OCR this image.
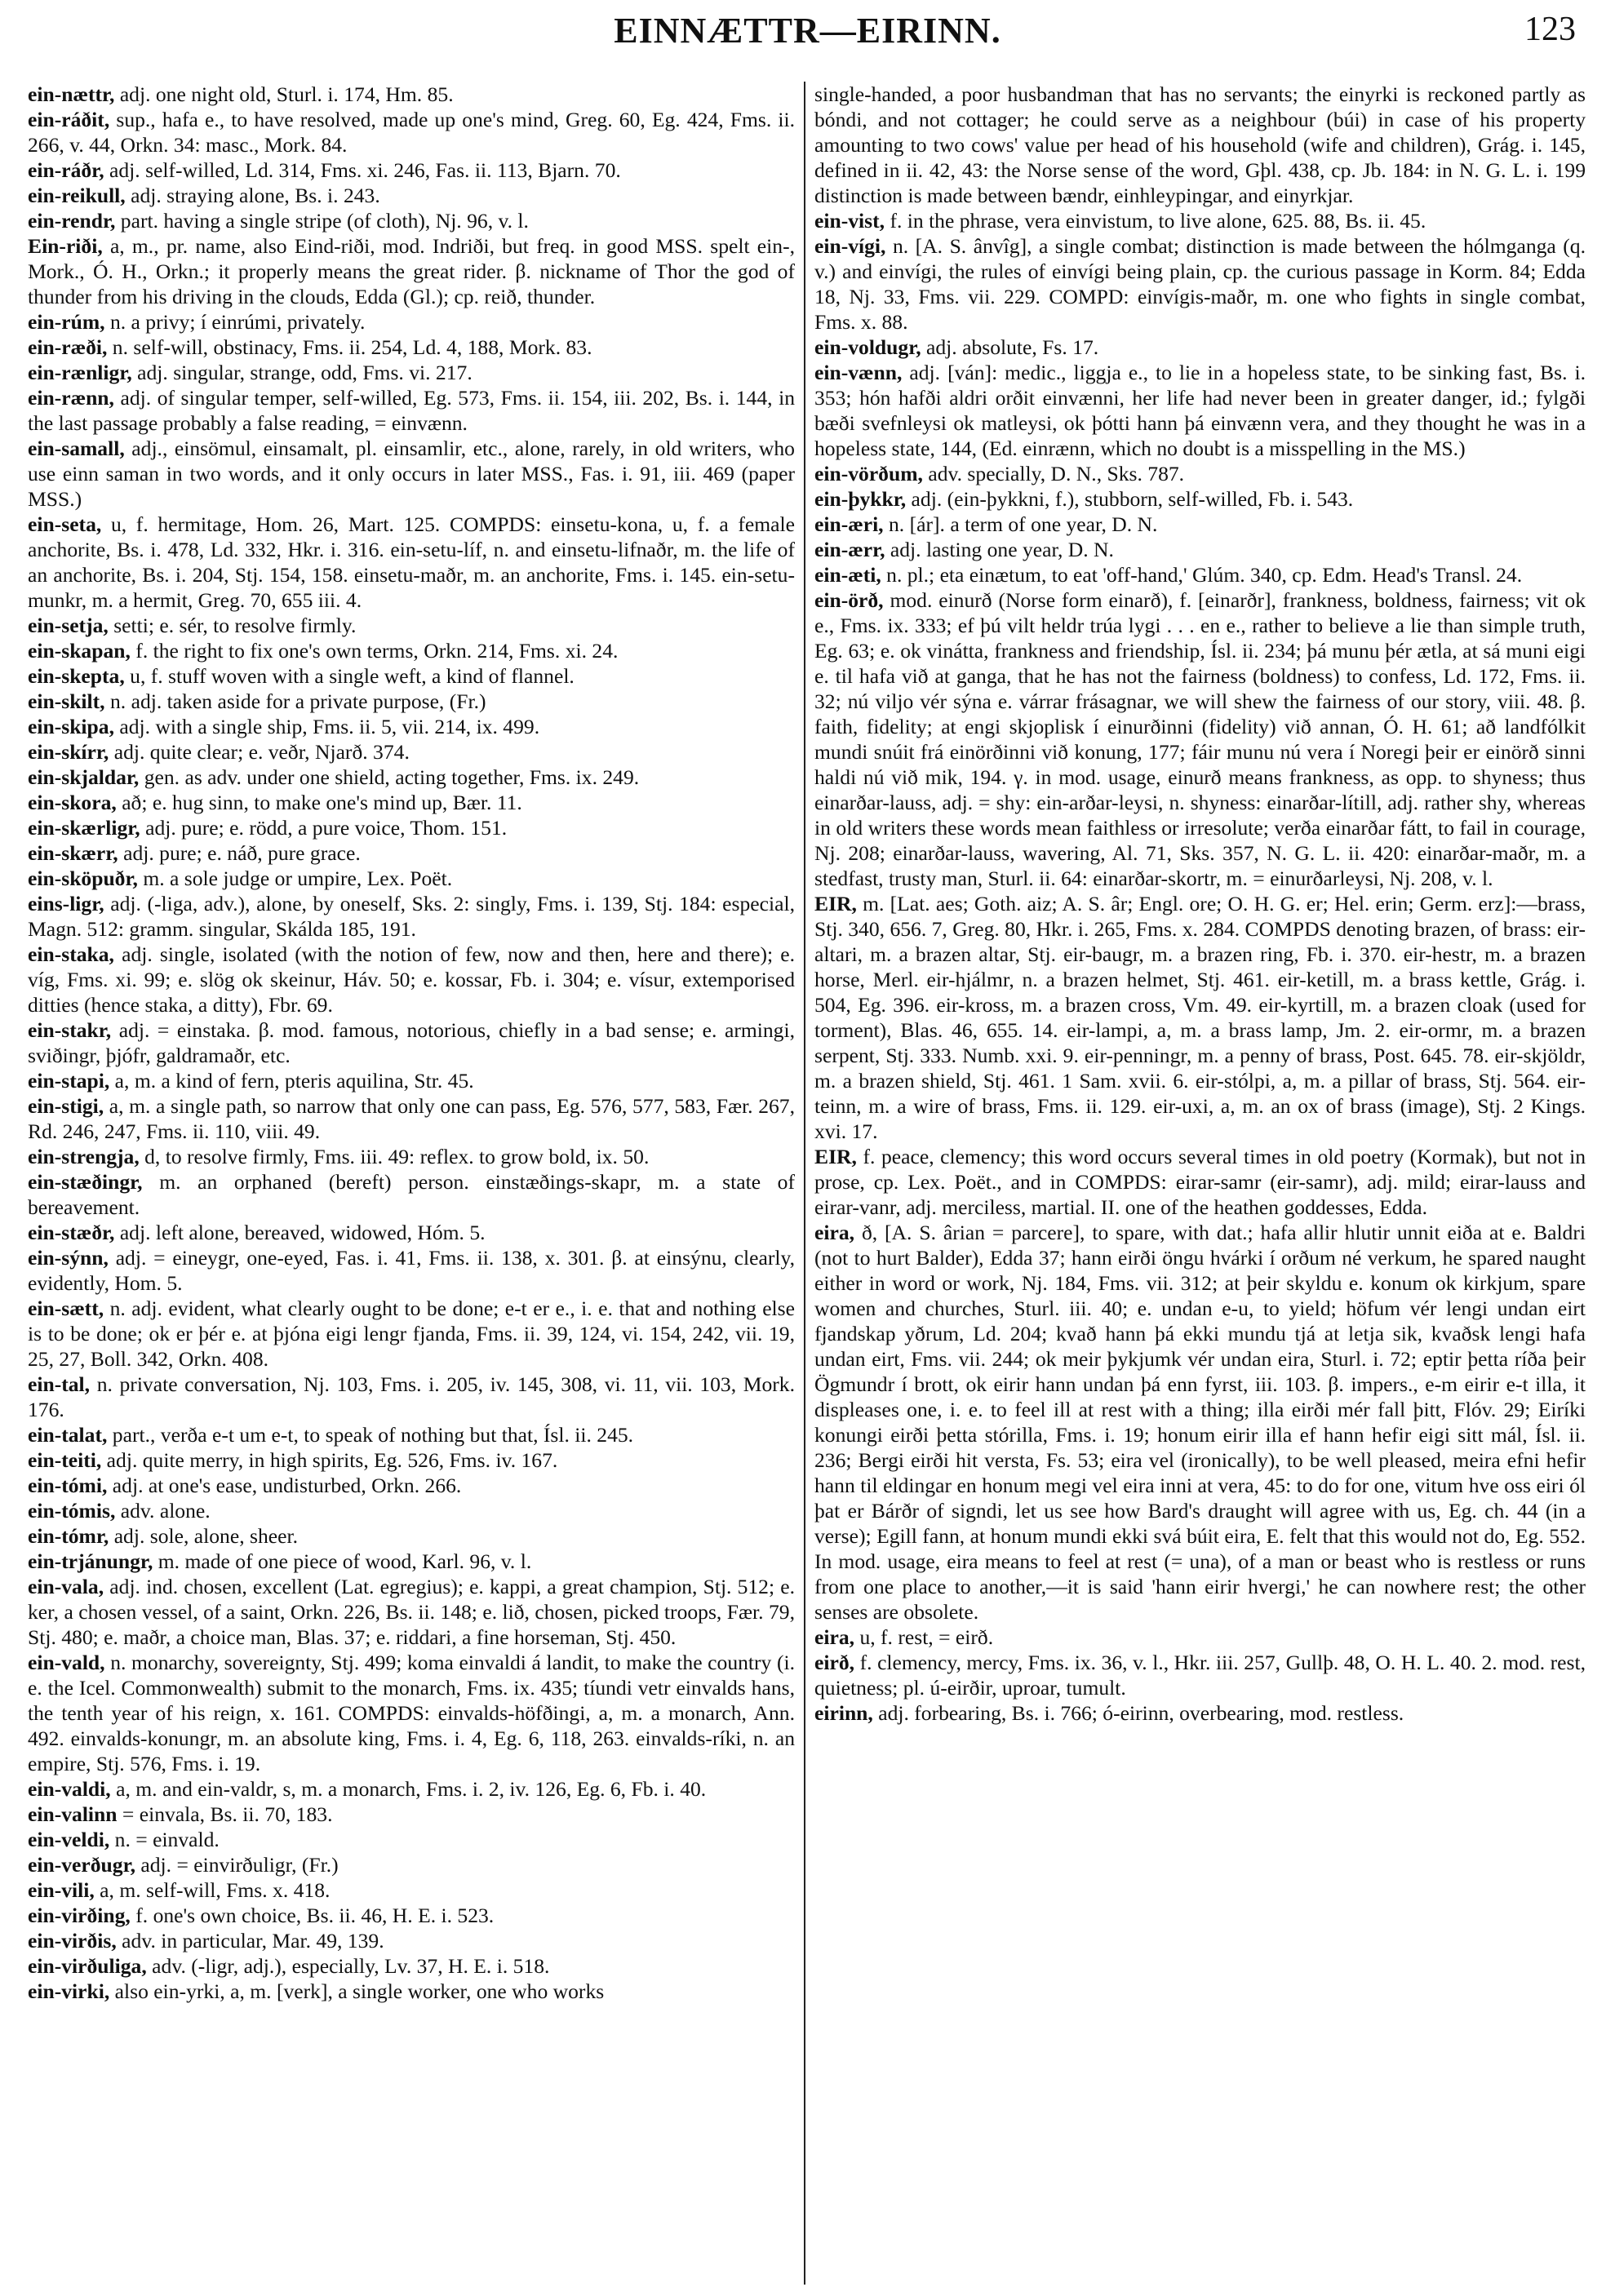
EINNÆTTR—EIRINN.	123

ein-nættr, adj. one night old, Sturl. i. 174, Hm. 85.

ein-ráðit, sup., hafa e., to have resolved, made up one's mind, Greg. 60, Eg. 424, Fms. ii. 266, v. 44, Orkn. 34: masc., Mork. 84.

ein-ráðr, adj. self-willed, Ld. 314, Fms. xi. 246, Fas. ii. 113, Bjarn. 70.

ein-reikull, adj. straying alone, Bs. i. 243.

ein-rendr, part. having a single stripe (of cloth), Nj. 96, v. l.

Ein-riði, a, m., pr. name, also Eind-riði, mod. Indriði, but freq. in good MSS. spelt ein-, Mork., Ó. H., Orkn.; it properly means the great rider. β. nickname of Thor the god of thunder from his driving in the clouds, Edda (Gl.); cp. reið, thunder.

ein-rúm, n. a privy; í einrúmi, privately.

ein-ræði, n. self-will, obstinacy, Fms. ii. 254, Ld. 4, 188, Mork. 83.

ein-rænligr, adj. singular, strange, odd, Fms. vi. 217.

ein-rænn, adj. of singular temper, self-willed, Eg. 573, Fms. ii. 154, iii. 202, Bs. i. 144, in the last passage probably a false reading, = einvænn.

ein-samall, adj., einsömul, einsamalt, pl. einsamlir, etc., alone, rarely, in old writers, who use einn saman in two words, and it only occurs in later MSS., Fas. i. 91, iii. 469 (paper MSS.)

ein-seta, u, f. hermitage, Hom. 26, Mart. 125. COMPDS: einsetu-kona, u, f. a female anchorite, Bs. i. 478, Ld. 332, Hkr. i. 316. ein-setu-líf, n. and einsetu-lifnaðr, m. the life of an anchorite, Bs. i. 204, Stj. 154, 158. einsetu-maðr, m. an anchorite, Fms. i. 145. ein-setu-munkr, m. a hermit, Greg. 70, 655 iii. 4.

ein-setja, setti; e. sér, to resolve firmly.

ein-skapan, f. the right to fix one's own terms, Orkn. 214, Fms. xi. 24.

ein-skepta, u, f. stuff woven with a single weft, a kind of flannel.

ein-skilt, n. adj. taken aside for a private purpose, (Fr.)

ein-skipa, adj. with a single ship, Fms. ii. 5, vii. 214, ix. 499.

ein-skírr, adj. quite clear; e. veðr, Njarð. 374.

ein-skjaldar, gen. as adv. under one shield, acting together, Fms. ix. 249.

ein-skora, að; e. hug sinn, to make one's mind up, Bær. 11.

ein-skærligr, adj. pure; e. rödd, a pure voice, Thom. 151.

ein-skærr, adj. pure; e. náð, pure grace.

ein-sköpuðr, m. a sole judge or umpire, Lex. Poët.

eins-ligr, adj. (-liga, adv.), alone, by oneself, Sks. 2: singly, Fms. i. 139, Stj. 184: especial, Magn. 512: gramm. singular, Skálda 185, 191.

ein-staka, adj. single, isolated (with the notion of few, now and then, here and there); e. víg, Fms. xi. 99; e. slög ok skeinur, Háv. 50; e. kossar, Fb. i. 304; e. vísur, extemporised ditties (hence staka, a ditty), Fbr. 69.

ein-stakr, adj. = einstaka. β. mod. famous, notorious, chiefly in a bad sense; e. armingi, sviðingr, þjófr, galdramaðr, etc.

ein-stapi, a, m. a kind of fern, pteris aquilina, Str. 45.

ein-stigi, a, m. a single path, so narrow that only one can pass, Eg. 576, 577, 583, Fær. 267, Rd. 246, 247, Fms. ii. 110, viii. 49.

ein-strengja, d, to resolve firmly, Fms. iii. 49: reflex. to grow bold, ix. 50.

ein-stæðingr, m. an orphaned (bereft) person. einstæðings-skapr, m. a state of bereavement.

ein-stæðr, adj. left alone, bereaved, widowed, Hóm. 5.

ein-sýnn, adj. = eineygr, one-eyed, Fas. i. 41, Fms. ii. 138, x. 301. β. at einsýnu, clearly, evidently, Hom. 5.

ein-sætt, n. adj. evident, what clearly ought to be done; e-t er e., i. e. that and nothing else is to be done; ok er þér e. at þjóna eigi lengr fjanda, Fms. ii. 39, 124, vi. 154, 242, vii. 19, 25, 27, Boll. 342, Orkn. 408.

ein-tal, n. private conversation, Nj. 103, Fms. i. 205, iv. 145, 308, vi. 11, vii. 103, Mork. 176.

ein-talat, part., verða e-t um e-t, to speak of nothing but that, Ísl. ii. 245.

ein-teiti, adj. quite merry, in high spirits, Eg. 526, Fms. iv. 167.

ein-tómi, adj. at one's ease, undisturbed, Orkn. 266.

ein-tómis, adv. alone.

ein-tómr, adj. sole, alone, sheer.

ein-trjánungr, m. made of one piece of wood, Karl. 96, v. l.

ein-vala, adj. ind. chosen, excellent (Lat. egregius); e. kappi, a great champion, Stj. 512; e. ker, a chosen vessel, of a saint, Orkn. 226, Bs. ii. 148; e. lið, chosen, picked troops, Fær. 79, Stj. 480; e. maðr, a choice man, Blas. 37; e. riddari, a fine horseman, Stj. 450.

ein-vald, n. monarchy, sovereignty, Stj. 499; koma einvaldi á landit, to make the country (i. e. the Icel. Commonwealth) submit to the monarch, Fms. ix. 435; tíundi vetr einvalds hans, the tenth year of his reign, x. 161. COMPDS: einvalds-höfðingi, a, m. a monarch, Ann. 492. einvalds-konungr, m. an absolute king, Fms. i. 4, Eg. 6, 118, 263. einvalds-ríki, n. an empire, Stj. 576, Fms. i. 19.

ein-valdi, a, m. and ein-valdr, s, m. a monarch, Fms. i. 2, iv. 126, Eg. 6, Fb. i. 40.

ein-valinn = einvala, Bs. ii. 70, 183.

ein-veldi, n. = einvald.

ein-verðugr, adj. = einvirðuligr, (Fr.)

ein-vili, a, m. self-will, Fms. x. 418.

ein-virðing, f. one's own choice, Bs. ii. 46, H. E. i. 523.

ein-virðis, adv. in particular, Mar. 49, 139.

ein-virðuliga, adv. (-ligr, adj.), especially, Lv. 37, H. E. i. 518.

ein-virki, also ein-yrki, a, m. [verk], a single worker, one who works

single-handed, a poor husbandman that has no servants; the einyrki is reckoned partly as bóndi, and not cottager; he could serve as a neighbour (búi) in case of his property amounting to two cows' value per head of his household (wife and children), Grág. i. 145, defined in ii. 42, 43: the Norse sense of the word, Gþl. 438, cp. Jb. 184: in N. G. L. i. 199 distinction is made between bændr, einhleypingar, and einyrkjar.

ein-vist, f. in the phrase, vera einvistum, to live alone, 625. 88, Bs. ii. 45.

ein-vígi, n. [A. S. ânvîg], a single combat; distinction is made between the hólmganga (q. v.) and einvígi, the rules of einvígi being plain, cp. the curious passage in Korm. 84; Edda 18, Nj. 33, Fms. vii. 229. COMPD: einvígis-maðr, m. one who fights in single combat, Fms. x. 88.

ein-voldugr, adj. absolute, Fs. 17.

ein-vænn, adj. [ván]: medic., liggja e., to lie in a hopeless state, to be sinking fast, Bs. i. 353; hón hafði aldri orðit einvænni, her life had never been in greater danger, id.; fylgði bæði svefnleysi ok matleysi, ok þótti hann þá einvænn vera, and they thought he was in a hopeless state, 144, (Ed. einrænn, which no doubt is a misspelling in the MS.)

ein-vörðum, adv. specially, D. N., Sks. 787.

ein-þykkr, adj. (ein-þykkni, f.), stubborn, self-willed, Fb. i. 543.

ein-æri, n. [ár]. a term of one year, D. N.

ein-ærr, adj. lasting one year, D. N.

ein-æti, n. pl.; eta einætum, to eat 'off-hand,' Glúm. 340, cp. Edm. Head's Transl. 24.

ein-örð, mod. einurð (Norse form einarð), f. [einarðr], frankness, boldness, fairness; vit ok e., Fms. ix. 333; ef þú vilt heldr trúa lygi . . . en e., rather to believe a lie than simple truth, Eg. 63; e. ok vinátta, frankness and friendship, Ísl. ii. 234; þá munu þér ætla, at sá muni eigi e. til hafa við at ganga, that he has not the fairness (boldness) to confess, Ld. 172, Fms. ii. 32; nú viljo vér sýna e. várrar frásagnar, we will shew the fairness of our story, viii. 48. β. faith, fidelity; at engi skjoplisk í einurðinni (fidelity) við annan, Ó. H. 61; að landfólkit mundi snúit frá einörðinni við konung, 177; fáir munu nú vera í Noregi þeir er einörð sinni haldi nú við mik, 194. γ. in mod. usage, einurð means frankness, as opp. to shyness; thus einarðar-lauss, adj. = shy: ein-arðar-leysi, n. shyness: einarðar-lítill, adj. rather shy, whereas in old writers these words mean faithless or irresolute; verða einarðar fátt, to fail in courage, Nj. 208; einarðar-lauss, wavering, Al. 71, Sks. 357, N. G. L. ii. 420: einarðar-maðr, m. a stedfast, trusty man, Sturl. ii. 64: einarðar-skortr, m. = einurðarleysi, Nj. 208, v. l.

EIR, m. [Lat. aes; Goth. aiz; A. S. âr; Engl. ore; O. H. G. er; Hel. erin; Germ. erz]:—brass, Stj. 340, 656. 7, Greg. 80, Hkr. i. 265, Fms. x. 284. COMPDS denoting brazen, of brass: eir-altari, m. a brazen altar, Stj. eir-baugr, m. a brazen ring, Fb. i. 370. eir-hestr, m. a brazen horse, Merl. eir-hjálmr, n. a brazen helmet, Stj. 461. eir-ketill, m. a brass kettle, Grág. i. 504, Eg. 396. eir-kross, m. a brazen cross, Vm. 49. eir-kyrtill, m. a brazen cloak (used for torment), Blas. 46, 655. 14. eir-lampi, a, m. a brass lamp, Jm. 2. eir-ormr, m. a brazen serpent, Stj. 333. Numb. xxi. 9. eir-penningr, m. a penny of brass, Post. 645. 78. eir-skjöldr, m. a brazen shield, Stj. 461. 1 Sam. xvii. 6. eir-stólpi, a, m. a pillar of brass, Stj. 564. eir-teinn, m. a wire of brass, Fms. ii. 129. eir-uxi, a, m. an ox of brass (image), Stj. 2 Kings. xvi. 17.

EIR, f. peace, clemency; this word occurs several times in old poetry (Kormak), but not in prose, cp. Lex. Poët., and in COMPDS: eirar-samr (eir-samr), adj. mild; eirar-lauss and eirar-vanr, adj. merciless, martial. II. one of the heathen goddesses, Edda.

eira, ð, [A. S. ârian = parcere], to spare, with dat.; hafa allir hlutir unnit eiða at e. Baldri (not to hurt Balder), Edda 37; hann eirði öngu hvárki í orðum né verkum, he spared naught either in word or work, Nj. 184, Fms. vii. 312; at þeir skyldu e. konum ok kirkjum, spare women and churches, Sturl. iii. 40; e. undan e-u, to yield; höfum vér lengi undan eirt fjandskap yðrum, Ld. 204; kvað hann þá ekki mundu tjá at letja sik, kvaðsk lengi hafa undan eirt, Fms. vii. 244; ok meir þykjumk vér undan eira, Sturl. i. 72; eptir þetta ríða þeir Ögmundr í brott, ok eirir hann undan þá enn fyrst, iii. 103. β. impers., e-m eirir e-t illa, it displeases one, i. e. to feel ill at rest with a thing; illa eirði mér fall þitt, Flóv. 29; Eiríki konungi eirði þetta stórilla, Fms. i. 19; honum eirir illa ef hann hefir eigi sitt mál, Ísl. ii. 236; Bergi eirði hit versta, Fs. 53; eira vel (ironically), to be well pleased, meira efni hefir hann til eldingar en honum megi vel eira inni at vera, 45: to do for one, vitum hve oss eiri ól þat er Bárðr of signdi, let us see how Bard's draught will agree with us, Eg. ch. 44 (in a verse); Egill fann, at honum mundi ekki svá búit eira, E. felt that this would not do, Eg. 552. In mod. usage, eira means to feel at rest (= una), of a man or beast who is restless or runs from one place to another,—it is said 'hann eirir hvergi,' he can nowhere rest; the other senses are obsolete.

eira, u, f. rest, = eirð.

eirð, f. clemency, mercy, Fms. ix. 36, v. l., Hkr. iii. 257, Gullþ. 48, O. H. L. 40. 2. mod. rest, quietness; pl. ú-eirðir, uproar, tumult.

eirinn, adj. forbearing, Bs. i. 766; ó-eirinn, overbearing, mod. restless.
